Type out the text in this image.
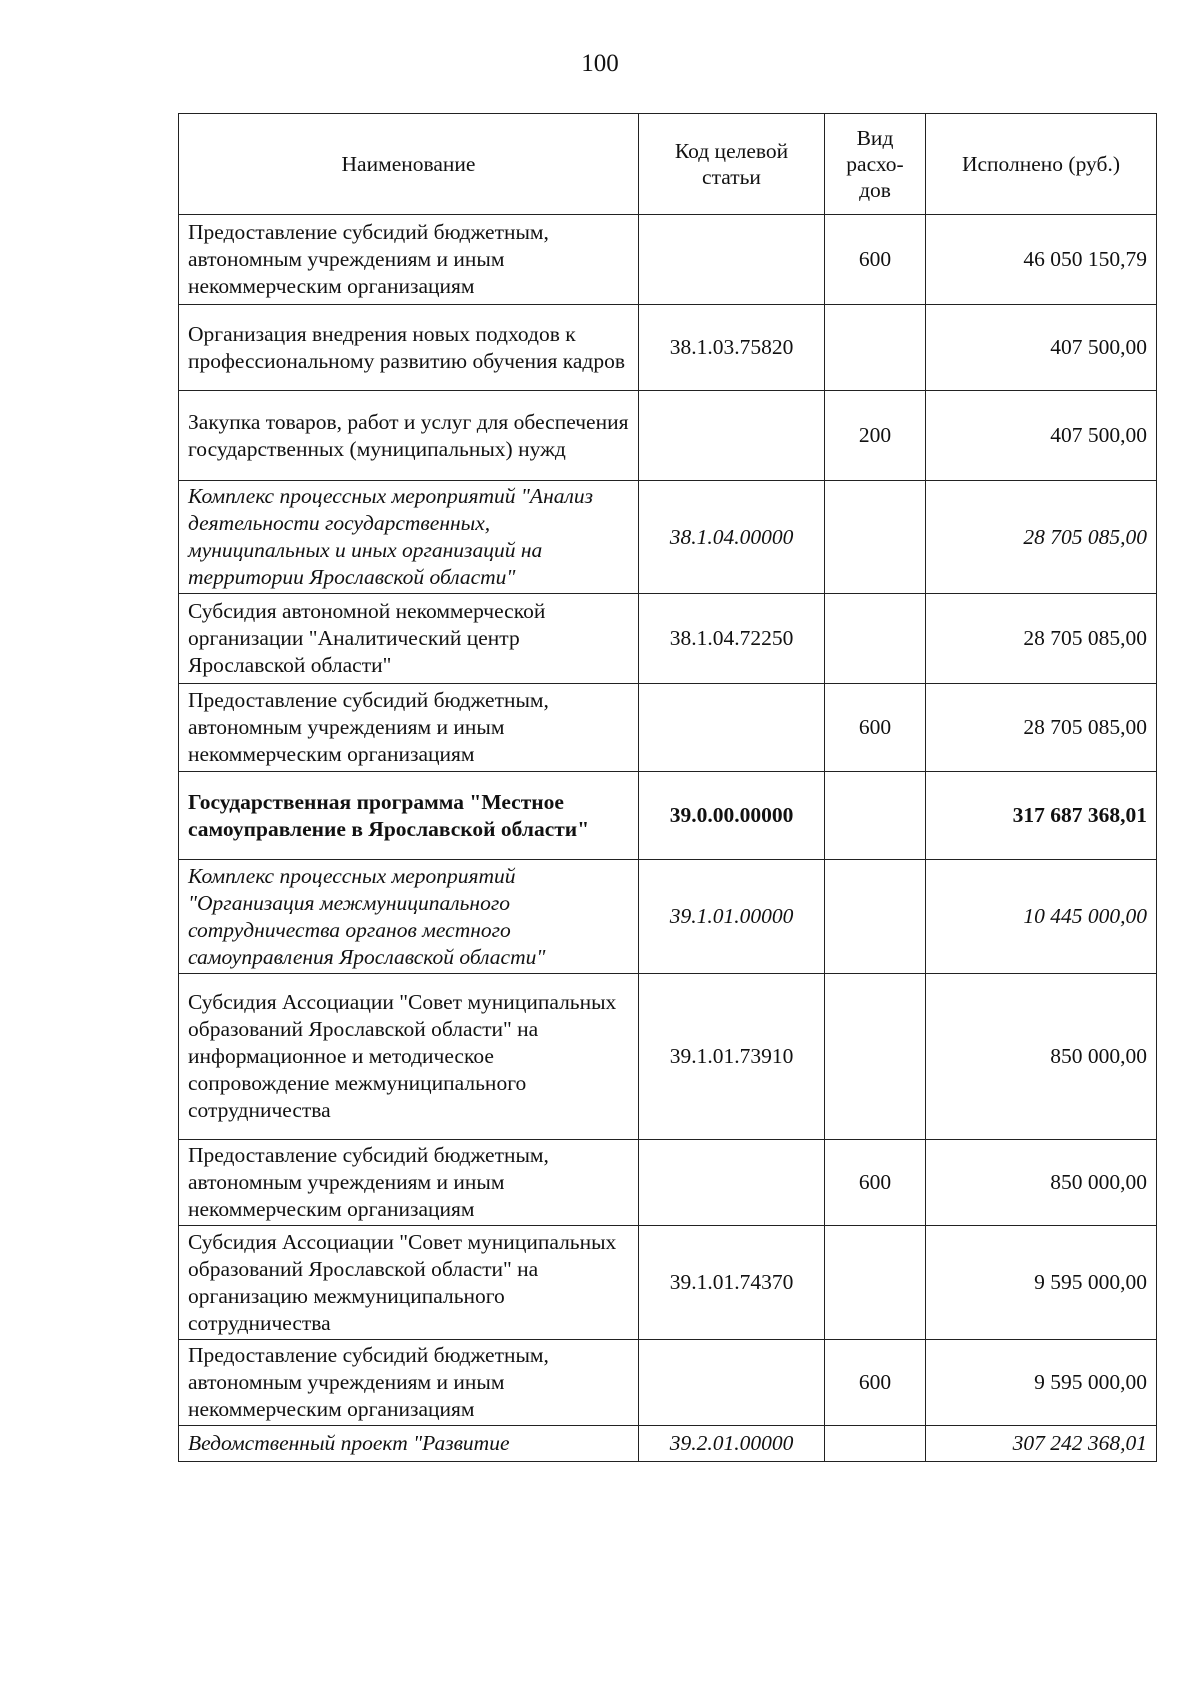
100
Наименование	Код целевой статьи	Вид расхо-дов	Исполнено (руб.)
Предоставление субсидий бюджетным, автономным учреждениям и иным некоммерческим организациям		600	46 050 150,79
Организация внедрения новых подходов к профессиональному развитию обучения кадров	38.1.03.75820		407 500,00
Закупка товаров, работ и услуг для обеспечения государственных (муниципальных) нужд		200	407 500,00
Комплекс процессных мероприятий "Анализ деятельности государственных, муниципальных и иных организаций на территории Ярославской области"	38.1.04.00000		28 705 085,00
Субсидия автономной некоммерческой организации "Аналитический центр Ярославской области"	38.1.04.72250		28 705 085,00
Предоставление субсидий бюджетным, автономным учреждениям и иным некоммерческим организациям		600	28 705 085,00
Государственная программа "Местное самоуправление в Ярославской области"	39.0.00.00000		317 687 368,01
Комплекс процессных мероприятий "Организация межмуниципального сотрудничества органов местного самоуправления Ярославской области"	39.1.01.00000		10 445 000,00
Субсидия Ассоциации "Совет муниципальных образований Ярославской области" на информационное и методическое сопровождение межмуниципального сотрудничества	39.1.01.73910		850 000,00
Предоставление субсидий бюджетным, автономным учреждениям и иным некоммерческим организациям		600	850 000,00
Субсидия Ассоциации "Совет муниципальных образований Ярославской области" на организацию межмуниципального сотрудничества	39.1.01.74370		9 595 000,00
Предоставление субсидий бюджетным, автономным учреждениям и иным некоммерческим организациям		600	9 595 000,00
Ведомственный проект "Развитие	39.2.01.00000		307 242 368,01
